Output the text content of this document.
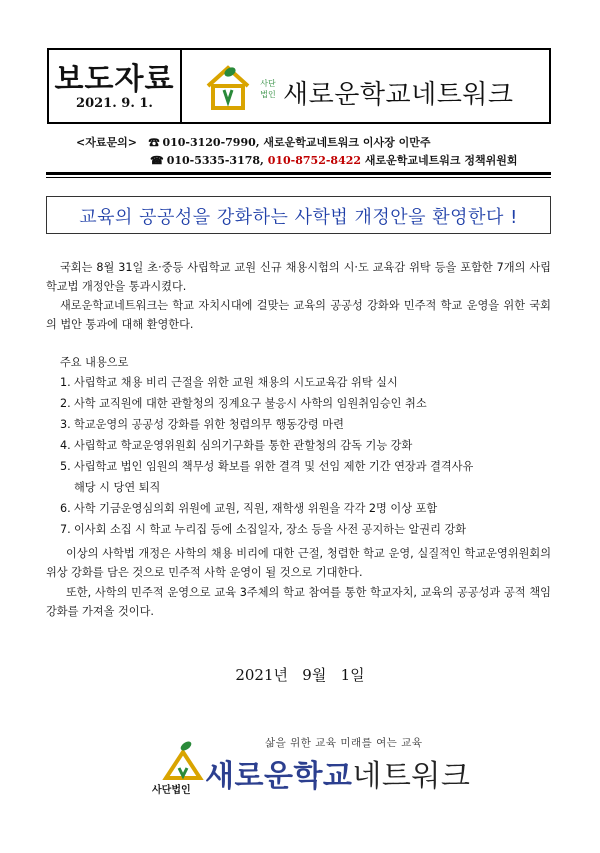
보도자료
2021. 9. 1.
사단
법인 새로운학교네트워크
<자료문의> ☎ 010-3120-7990, 새로운학교네트워크 이사장 이만주
☎ 010-5335-3178, 010-8752-8422 새로운학교네트워크 정책위원회
교육의 공공성을 강화하는 사학법 개정안을 환영한다 !
국회는 8월 31일 초·중등 사립학교 교원 신규 채용시험의 시·도 교육감 위탁 등을 포함한 7개의 사립학교법 개정안을 통과시켰다.
새로운학교네트워크는 학교 자치시대에 걸맞는 교육의 공공성 강화와 민주적 학교 운영을 위한 국회의 법안 통과에 대해 환영한다.
주요 내용으로
1. 사립학교 채용 비리 근절을 위한 교원 채용의 시도교육감 위탁 실시
2. 사학 교직원에 대한 관할청의 징계요구 불응시 사학의 임원취임승인 취소
3. 학교운영의 공공성 강화를 위한 청렴의무 행동강령 마련
4. 사립학교 학교운영위원회 심의기구화를 통한 관할청의 감독 기능 강화
5. 사립학교 법인 임원의 책무성 확보를 위한 결격 및 선임 제한 기간 연장과 결격사유
해당 시 당연 퇴직
6. 사학 기금운영심의회 위원에 교원, 직원, 재학생 위원을 각각 2명 이상 포함
7. 이사회 소집 시 학교 누리집 등에 소집일자, 장소 등을 사전 공지하는 알권리 강화
이상의 사학법 개정은 사학의 채용 비리에 대한 근절, 청렴한 학교 운영, 실질적인 학교운영위원회의 위상 강화를 담은 것으로 민주적 사학 운영이 될 것으로 기대한다.
또한, 사학의 민주적 운영으로 교육 3주체의 학교 참여를 통한 학교자치, 교육의 공공성과 공적 책임 강화를 가져올 것이다.
2021년   9월   1일
사단법인
삶을 위한 교육 미래를 여는 교육
새로운학교네트워크
